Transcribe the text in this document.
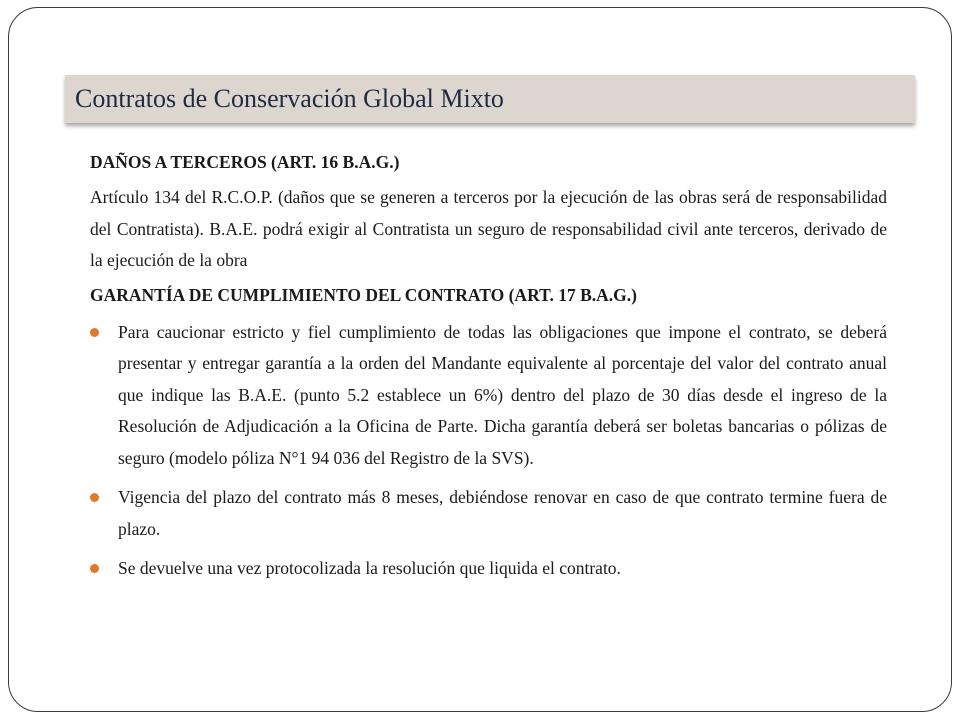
Contratos de Conservación Global Mixto
DAÑOS A TERCEROS (ART. 16 B.A.G.)
Artículo 134 del R.C.O.P. (daños que se generen a terceros por la ejecución de las obras será de responsabilidad del Contratista). B.A.E. podrá exigir al Contratista un seguro de responsabilidad civil ante terceros, derivado de la ejecución de la obra
GARANTÍA DE CUMPLIMIENTO DEL CONTRATO (ART. 17 B.A.G.)
Para caucionar estricto y fiel cumplimiento de todas las obligaciones que impone el contrato, se deberá presentar y entregar garantía a la orden del Mandante equivalente al porcentaje del valor del contrato anual que indique las B.A.E. (punto 5.2 establece un 6%) dentro del plazo de 30 días desde el ingreso de la Resolución de Adjudicación a la Oficina de Parte. Dicha garantía deberá ser boletas bancarias o pólizas de seguro (modelo póliza N°1 94 036 del Registro de la SVS).
Vigencia del plazo del contrato más 8 meses, debiéndose renovar en caso de que contrato termine fuera de plazo.
Se devuelve una vez protocolizada la resolución que liquida el contrato.
